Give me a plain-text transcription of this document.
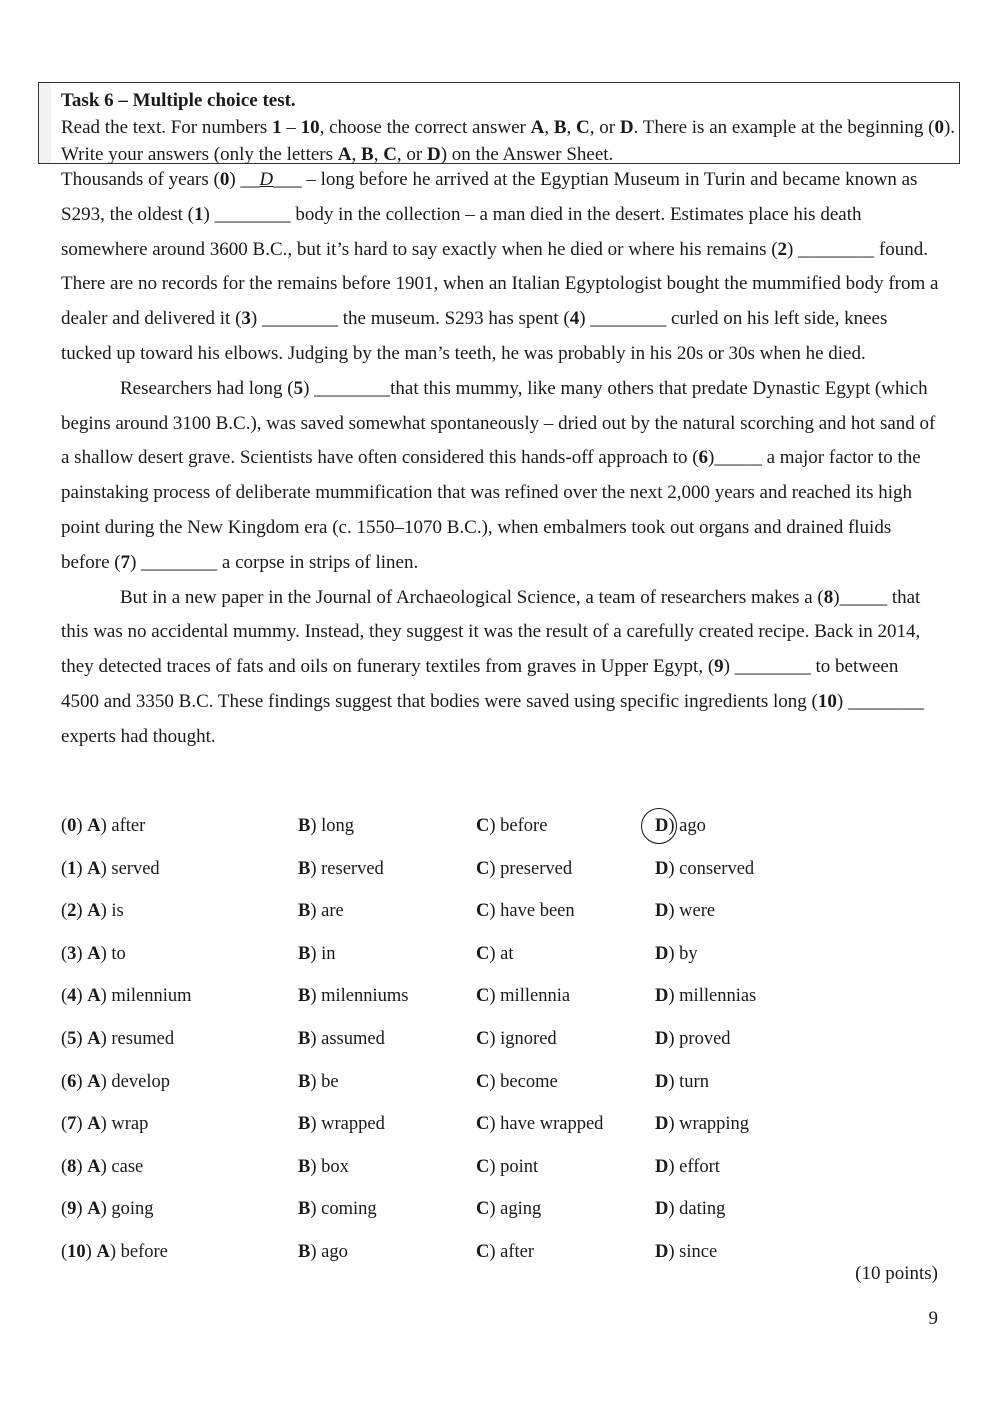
Task 6 – Multiple choice test.
Read the text. For numbers 1 – 10, choose the correct answer A, B, C, or D. There is an example at the beginning (0). Write your answers (only the letters A, B, C, or D) on the Answer Sheet.

Thousands of years (0) __D___ – long before he arrived at the Egyptian Museum in Turin and became known as S293, the oldest (1) ________ body in the collection – a man died in the desert. Estimates place his death somewhere around 3600 B.C., but it’s hard to say exactly when he died or where his remains (2) ________ found. There are no records for the remains before 1901, when an Italian Egyptologist bought the mummified body from a dealer and delivered it (3) ________ the museum. S293 has spent (4) ________ curled on his left side, knees tucked up toward his elbows. Judging by the man’s teeth, he was probably in his 20s or 30s when he died.

Researchers had long (5) ________that this mummy, like many others that predate Dynastic Egypt (which begins around 3100 B.C.), was saved somewhat spontaneously – dried out by the natural scorching and hot sand of a shallow desert grave. Scientists have often considered this hands-off approach to (6)_____ a major factor to the painstaking process of deliberate mummification that was refined over the next 2,000 years and reached its high point during the New Kingdom era (c. 1550–1070 B.C.), when embalmers took out organs and drained fluids before (7) ________ a corpse in strips of linen.

But in a new paper in the Journal of Archaeological Science, a team of researchers makes a (8)_____ that this was no accidental mummy. Instead, they suggest it was the result of a carefully created recipe. Back in 2014, they detected traces of fats and oils on funerary textiles from graves in Upper Egypt, (9) ________ to between 4500 and 3350 B.C. These findings suggest that bodies were saved using specific ingredients long (10) ________ experts had thought.

(0) A) after	B) long	C) before	D) ago
(1) A) served	B) reserved	C) preserved	D) conserved
(2) A) is	B) are	C) have been	D) were
(3) A) to	B) in	C) at	D) by
(4) A) milennium	B) milenniums	C) millennia	D) millennias
(5) A) resumed	B) assumed	C) ignored	D) proved
(6) A) develop	B) be	C) become	D) turn
(7) A) wrap	B) wrapped	C) have wrapped	D) wrapping
(8) A) case	B) box	C) point	D) effort
(9) A) going	B) coming	C) aging	D) dating
(10) A) before	B) ago	C) after	D) since
(10 points)
9
